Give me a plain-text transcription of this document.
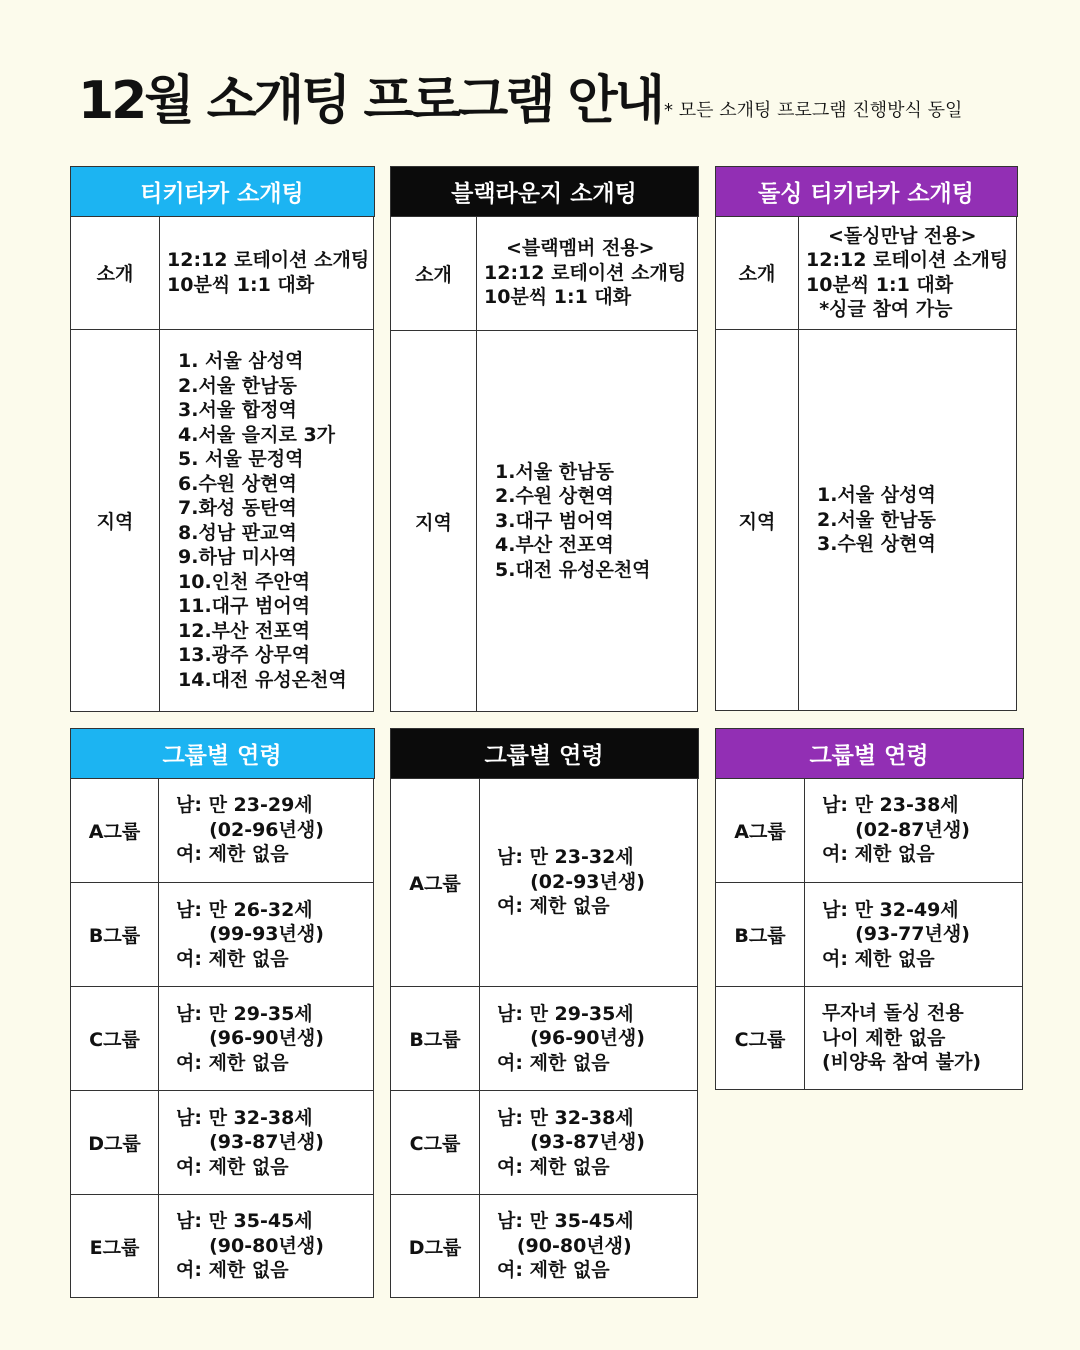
12월 소개팅 프로그램 안내 * 모든 소개팅 프로그램 진행방식 동일
티키타카 소개팅
소개
12:12 로테이션 소개팅
10분씩 1:1 대화
지역
1. 서울 삼성역
2.서울 한남동
3.서울 합정역
4.서울 을지로 3가
5. 서울 문정역
6.수원 상현역
7.화성 동탄역
8.성남 판교역
9.하남 미사역
10.인천 주안역
11.대구 범어역
12.부산 전포역
13.광주 상무역
14.대전 유성온천역
블랙라운지 소개팅
소개
<블랙멤버 전용>
12:12 로테이션 소개팅
10분씩 1:1 대화
지역
1.서울 한남동
2.수원 상현역
3.대구 범어역
4.부산 전포역
5.대전 유성온천역
돌싱 티키타카 소개팅
소개
<돌싱만남 전용>
12:12 로테이션 소개팅
10분씩 1:1 대화
*싱글 참여 가능
지역
1.서울 삼성역
2.서울 한남동
3.수원 상현역
그룹별 연령
A그룹
남: 만 23-29세
(02-96년생)
여: 제한 없음
B그룹
남: 만 26-32세
(99-93년생)
여: 제한 없음
C그룹
남: 만 29-35세
(96-90년생)
여: 제한 없음
D그룹
남: 만 32-38세
(93-87년생)
여: 제한 없음
E그룹
남: 만 35-45세
(90-80년생)
여: 제한 없음
그룹별 연령
A그룹
남: 만 23-32세
(02-93년생)
여: 제한 없음
B그룹
남: 만 29-35세
(96-90년생)
여: 제한 없음
C그룹
남: 만 32-38세
(93-87년생)
여: 제한 없음
D그룹
남: 만 35-45세
(90-80년생)
여: 제한 없음
그룹별 연령
A그룹
남: 만 23-38세
(02-87년생)
여: 제한 없음
B그룹
남: 만 32-49세
(93-77년생)
여: 제한 없음
C그룹
무자녀 돌싱 전용
나이 제한 없음
(비양육 참여 불가)
